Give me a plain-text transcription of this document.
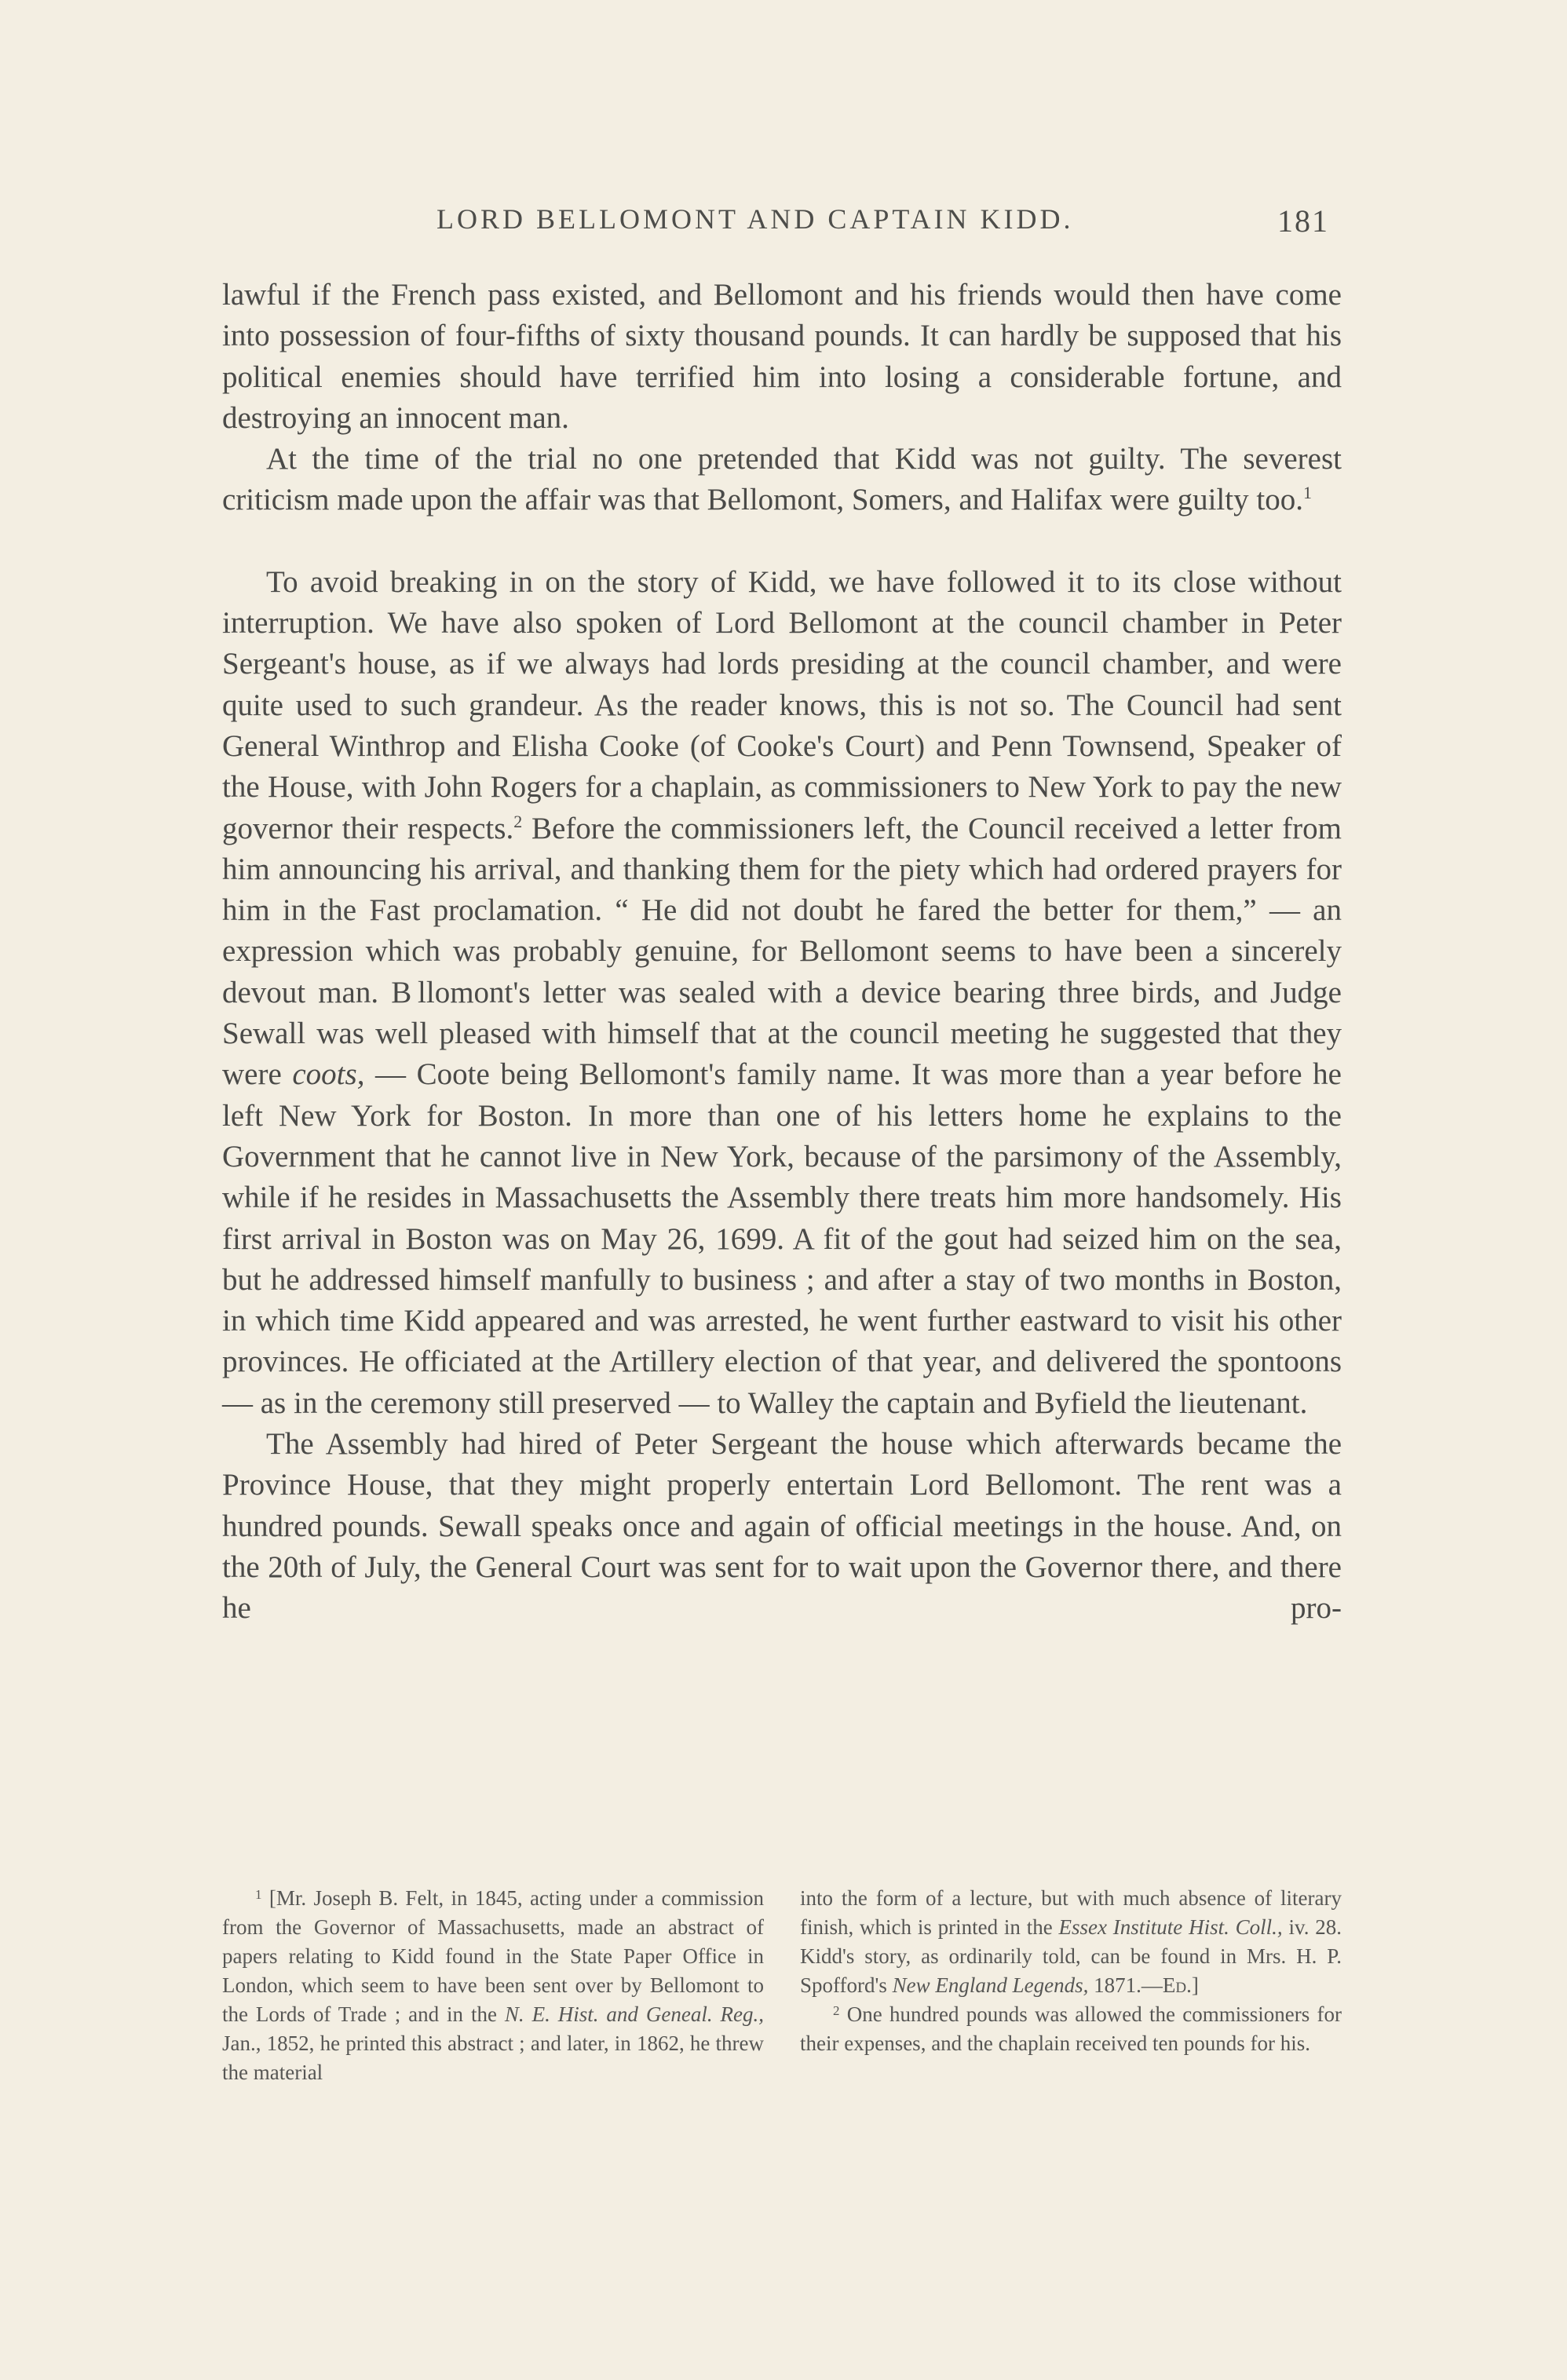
LORD BELLOMONT AND CAPTAIN KIDD.	181

lawful if the French pass existed, and Bellomont and his friends would then have come into possession of four-fifths of sixty thousand pounds. It can hardly be supposed that his political enemies should have terrified him into losing a considerable fortune, and destroying an innocent man.

At the time of the trial no one pretended that Kidd was not guilty. The severest criticism made upon the affair was that Bellomont, Somers, and Halifax were guilty too.$^1$

To avoid breaking in on the story of Kidd, we have followed it to its close without interruption. We have also spoken of Lord Bellomont at the council chamber in Peter Sergeant's house, as if we always had lords presiding at the council chamber, and were quite used to such grandeur. As the reader knows, this is not so. The Council had sent General Winthrop and Elisha Cooke (of Cooke's Court) and Penn Townsend, Speaker of the House, with John Rogers for a chaplain, as commissioners to New York to pay the new governor their respects.$^2$ Before the commissioners left, the Council received a letter from him announcing his arrival, and thanking them for the piety which had ordered prayers for him in the Fast proclamation. “ He did not doubt he fared the better for them,” — an expression which was probably genuine, for Bellomont seems to have been a sincerely devout man. B llomont's letter was sealed with a device bearing three birds, and Judge Sewall was well pleased with himself that at the council meeting he suggested that they were coots, — Coote being Bellomont's family name. It was more than a year before he left New York for Boston. In more than one of his letters home he explains to the Government that he cannot live in New York, because of the parsimony of the Assembly, while if he resides in Massachusetts the Assembly there treats him more handsomely. His first arrival in Boston was on May 26, 1699. A fit of the gout had seized him on the sea, but he addressed himself manfully to business ; and after a stay of two months in Boston, in which time Kidd appeared and was arrested, he went further eastward to visit his other provinces. He officiated at the Artillery election of that year, and delivered the spontoons — as in the ceremony still preserved — to Walley the captain and Byfield the lieutenant.

The Assembly had hired of Peter Sergeant the house which afterwards became the Province House, that they might properly entertain Lord Bellomont. The rent was a hundred pounds. Sewall speaks once and again of official meetings in the house. And, on the 20th of July, the General Court was sent for to wait upon the Governor there, and there he pro-

$^1$ [Mr. Joseph B. Felt, in 1845, acting under a commission from the Governor of Massachusetts, made an abstract of papers relating to Kidd found in the State Paper Office in London, which seem to have been sent over by Bellomont to the Lords of Trade ; and in the N. E. Hist. and Geneal. Reg., Jan., 1852, he printed this abstract ; and later, in 1862, he threw the material

into the form of a lecture, but with much absence of literary finish, which is printed in the Essex Institute Hist. Coll., iv. 28. Kidd's story, as ordinarily told, can be found in Mrs. H. P. Spofford's New England Legends, 1871.—Ed.]

$^2$ One hundred pounds was allowed the commissioners for their expenses, and the chaplain received ten pounds for his.
